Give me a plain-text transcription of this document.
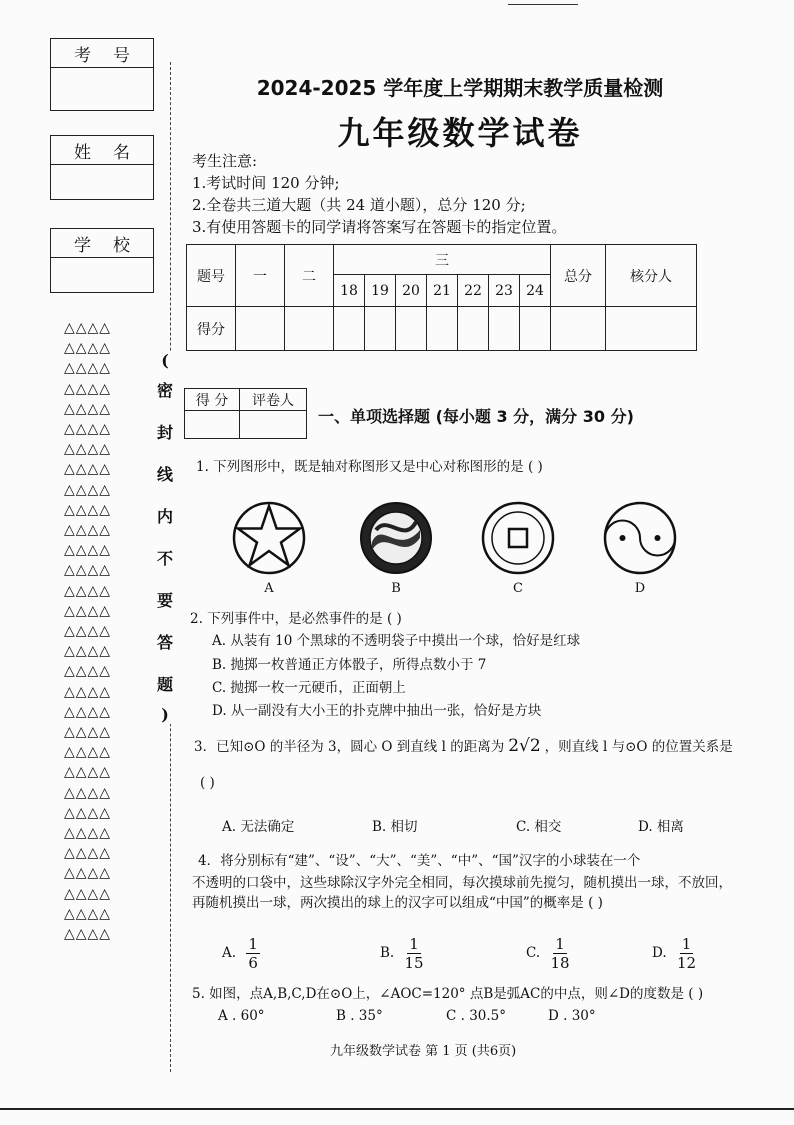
考 号
姓 名
学 校
△△△△
△△△△
△△△△
△△△△
△△△△
△△△△
△△△△
△△△△
△△△△
△△△△
△△△△
△△△△
△△△△
△△△△
△△△△
△△△△
△△△△
△△△△
△△△△
△△△△
△△△△
△△△△
△△△△
△△△△
△△△△
△△△△
△△△△
△△△△
△△△△
△△△△
△△△△
(
密
封
线
内
不
要
答
题
)
2024-2025 学年度上学期期末教学质量检测
九年级数学试卷
考生注意:
1.考试时间 120 分钟;
2.全卷共三道大题（共 24 道小题），总分 120 分;
3.有使用答题卡的同学请将答案写在答题卡的指定位置。
题号	一	二	三							总分	核分人
			18	19	20	21	22	23	24		
得分											
得 分	评卷人

一、单项选择题 (每小题 3 分，满分 30 分)
1. 下列图形中，既是轴对称图形又是中心对称图形的是 ( )
A	B	C	D
2. 下列事件中，是必然事件的是 ( )
A. 从装有 10 个黑球的不透明袋子中摸出一个球，恰好是红球
B. 抛掷一枚普通正方体骰子，所得点数小于 7
C. 抛掷一枚一元硬币，正面朝上
D. 从一副没有大小王的扑克牌中抽出一张，恰好是方块
3．已知⊙O 的半径为 3，圆心 O 到直线 l 的距离为 2√2 ，则直线 l 与⊙O 的位置关系是
( )
A. 无法确定	B. 相切	C. 相交	D. 相离
4．将分别标有“建”、“设”、“大”、“美”、“中”、“国”汉字的小球装在一个
不透明的口袋中，这些球除汉字外完全相同，每次摸球前先搅匀，随机摸出一球，不放回，
再随机摸出一球，两次摸出的球上的汉字可以组成“中国”的概率是 ( )
A. $\frac{1}{6}$	B. $\frac{1}{15}$	C. $\frac{1}{18}$	D. $\frac{1}{12}$
5. 如图，点A,B,C,D在⊙O上，∠AOC=120° 点B是弧AC的中点，则∠D的度数是 ( )
A . 60°	B . 35°	C . 30.5°	D . 30°
九年级数学试卷 第 1 页 (共6页)
